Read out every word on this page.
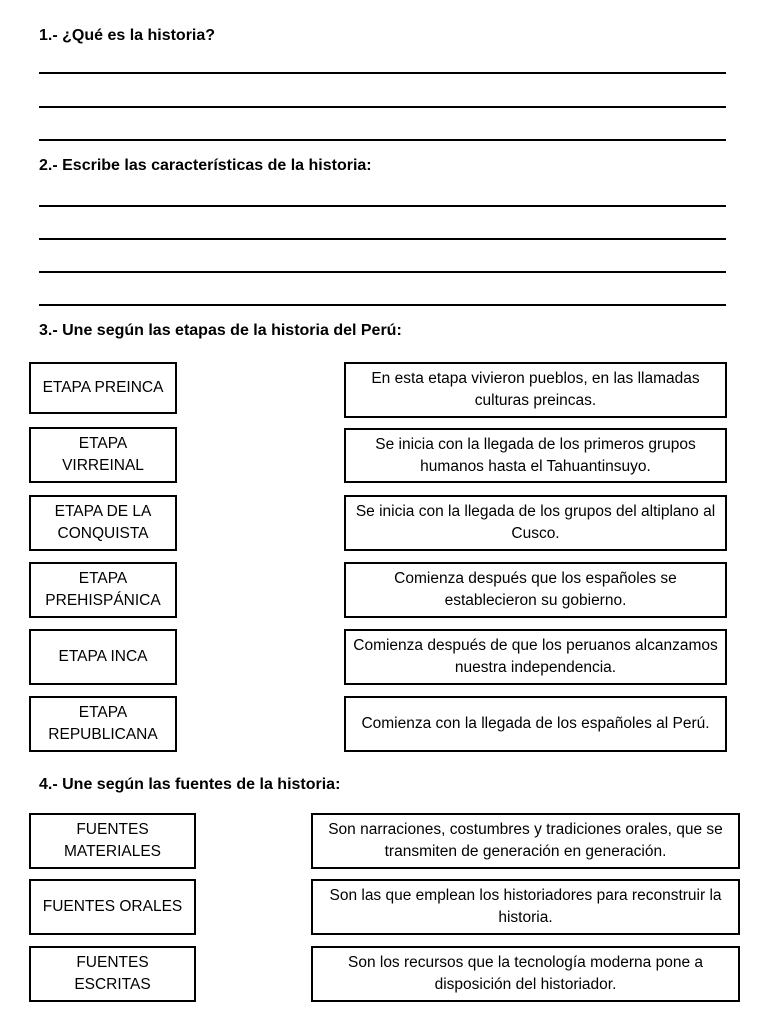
1.- ¿Qué es la historia?
2.- Escribe las características de la historia:
3.- Une según las etapas de la historia del Perú:
ETAPA PREINCA
ETAPA VIRREINAL
ETAPA DE LA CONQUISTA
ETAPA PREHISPÁNICA
ETAPA INCA
ETAPA REPUBLICANA
En esta etapa vivieron pueblos, en las llamadas culturas preincas.
Se inicia con la llegada de los primeros grupos humanos hasta el Tahuantinsuyo.
Se inicia con la llegada de los grupos del altiplano al Cusco.
Comienza después que los españoles se establecieron su gobierno.
Comienza después de que los peruanos alcanzamos nuestra independencia.
Comienza con la llegada de los españoles al Perú.
4.- Une según las fuentes de la historia:
FUENTES MATERIALES
FUENTES ORALES
FUENTES ESCRITAS
Son narraciones, costumbres y tradiciones orales, que se transmiten de generación en generación.
Son las que emplean los historiadores para reconstruir la historia.
Son los recursos que la tecnología moderna pone a disposición del historiador.
